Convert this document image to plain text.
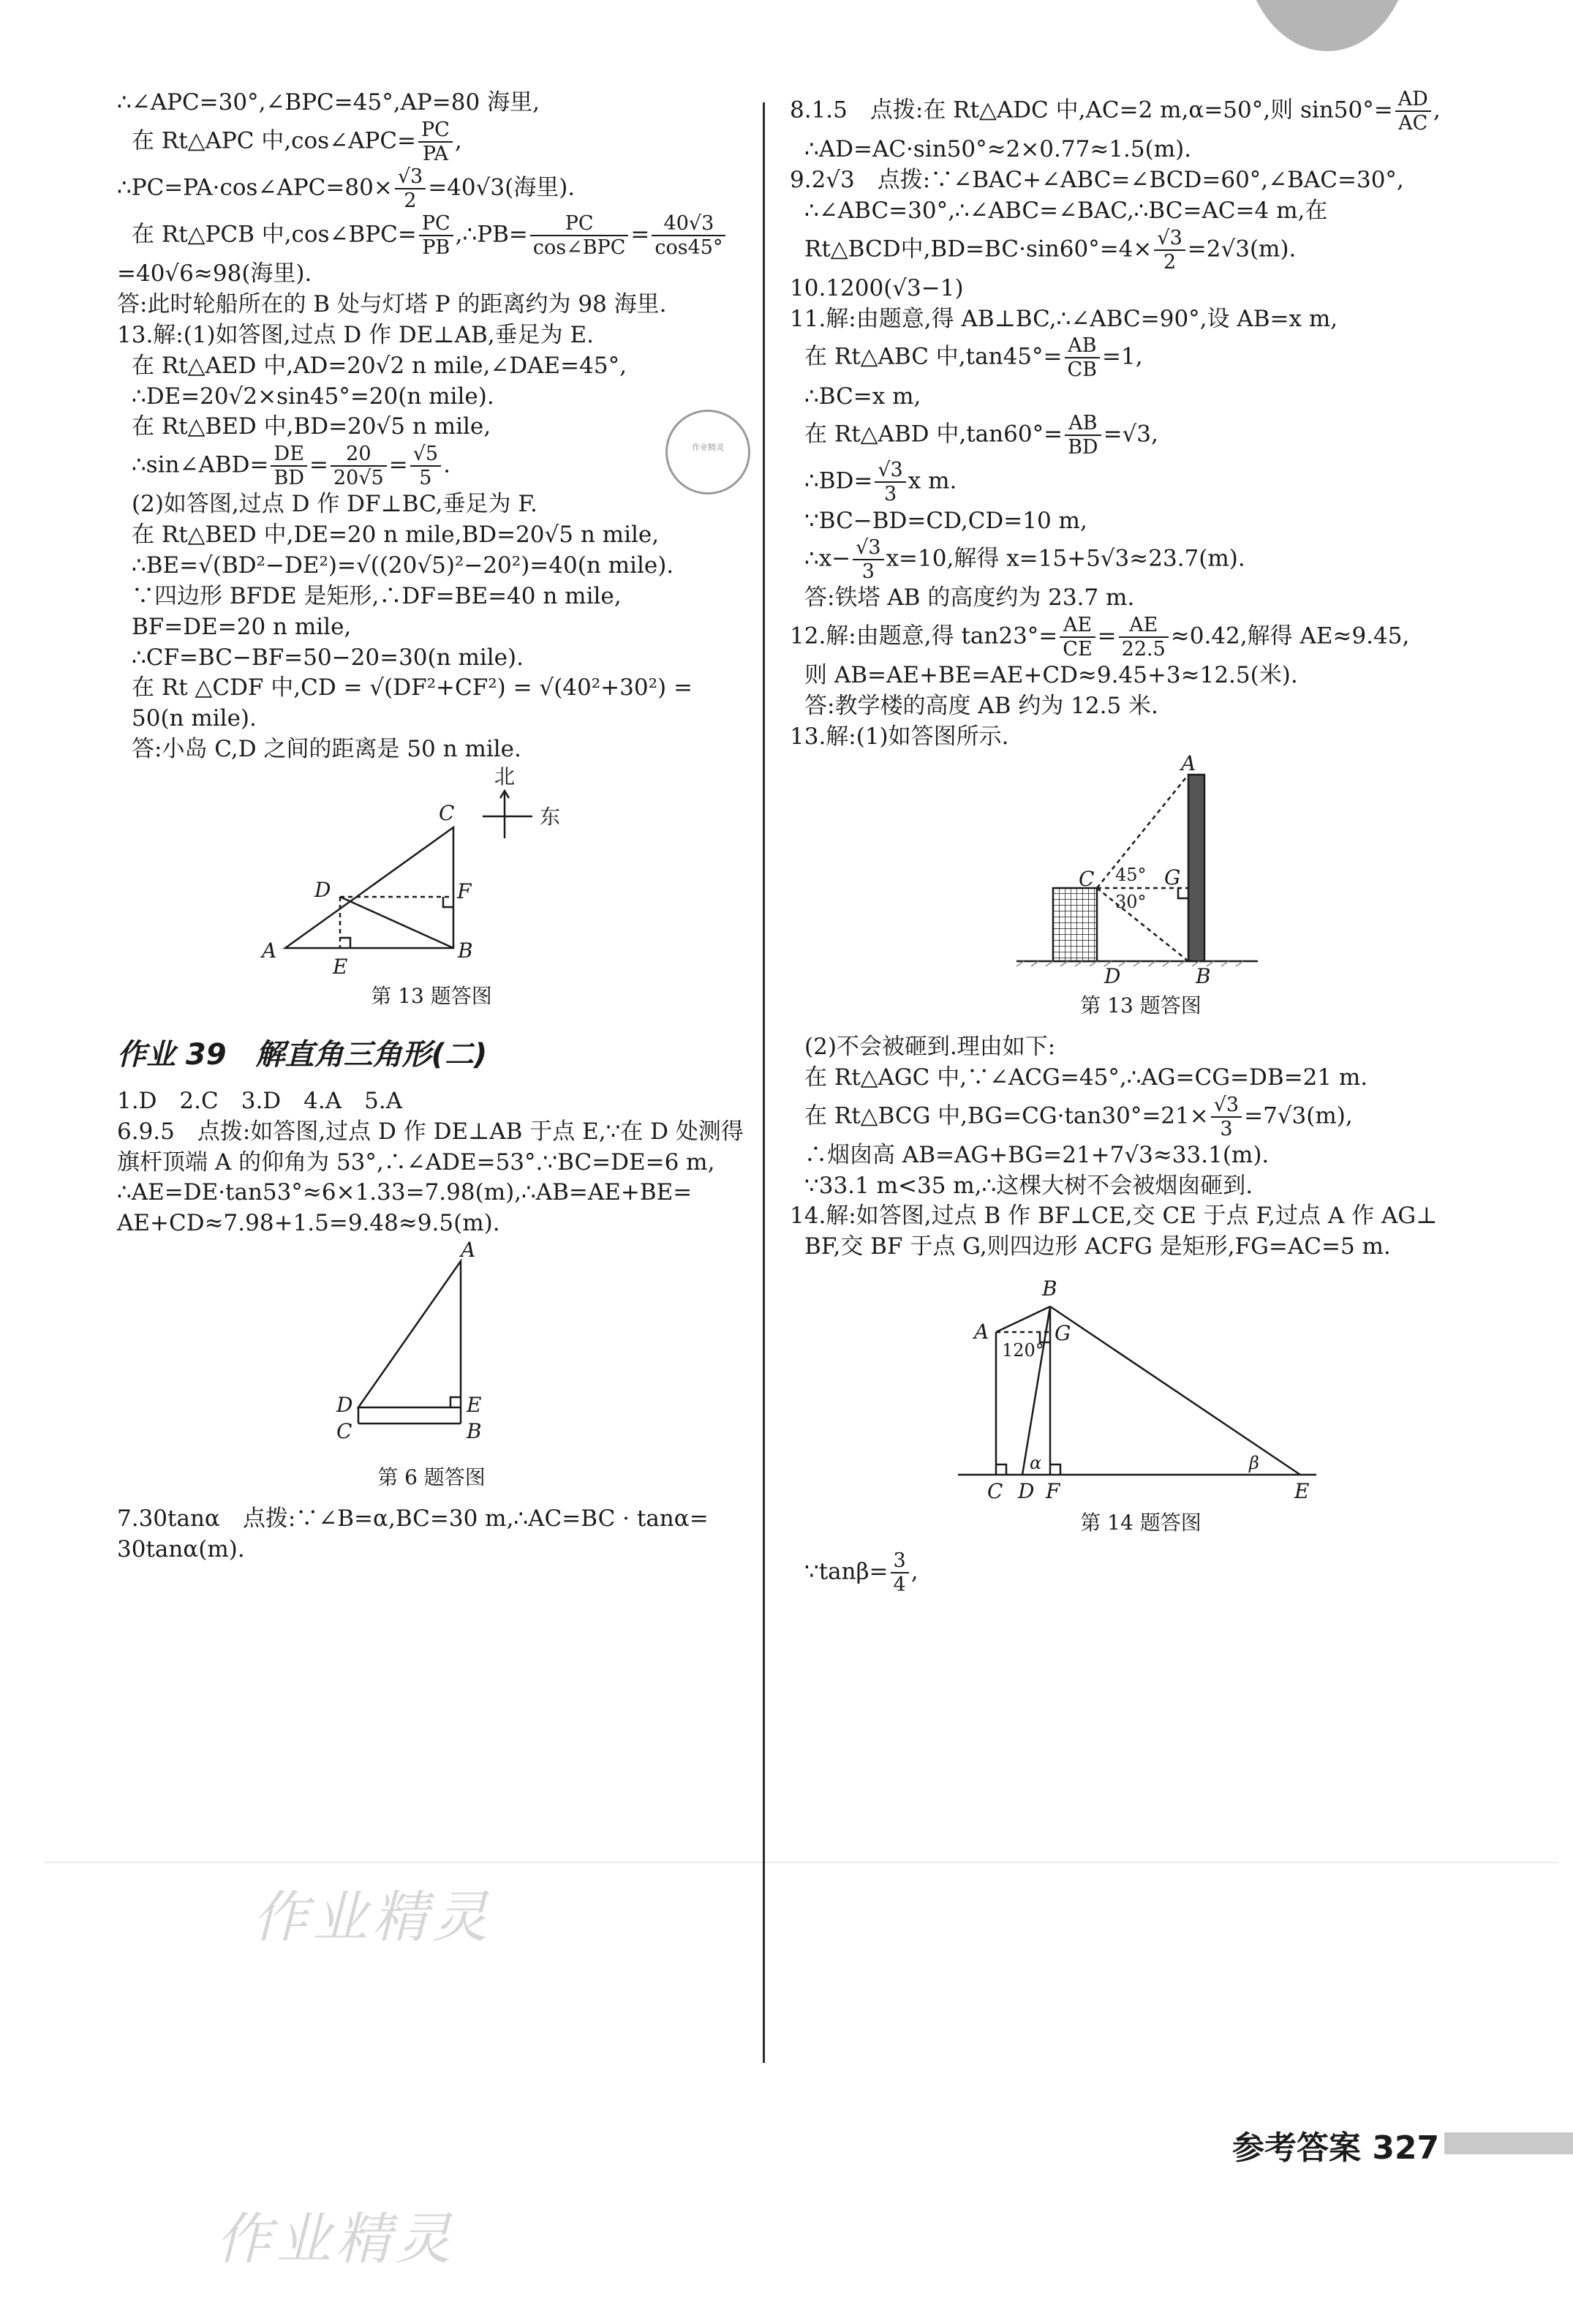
作业精灵
作业精灵
作业精灵

∴∠APC=30°,∠BPC=45°,AP=80 海里,

在 Rt△APC 中,cos∠APC= $\frac{PC}{PA}$ ,

∴PC=PA·cos∠APC=80× $\frac{√3}{2} =40√3$(海里).

在 Rt△PCB 中,cos∠BPC= $\frac{PC}{PB}$ ,∴PB= $\frac{PC}{\text{cos∠BPC}} = \frac{40√3}{\cos 45^\circ}$

=40√6≈98(海里).

答:此时轮船所在的 B 处与灯塔 P 的距离约为 98 海里.

13.解:(1)如答图,过点 D 作 DE⊥AB,垂足为 E.

在 Rt△AED 中,AD=20√2 n mile,∠DAE=45°,

∴DE=20√2×sin45°=20(n mile).

在 Rt△BED 中,BD=20√5 n mile,

∴sin∠ABD= $\frac{DE}{BD} = \frac{20}{20√5} = \frac{√5}{5}$ .

(2)如答图,过点 D 作 DF⊥BC,垂足为 F.

在 Rt△BED 中,DE=20 n mile,BD=20√5 n mile,

∴BE=√(BD²−DE²)=√((20√5)²−20²)=40(n mile).

∵四边形 BFDE 是矩形,∴DF=BE=40 n mile,

BF=DE=20 n mile,

∴CF=BC−BF=50−20=30(n mile).

在 Rt △CDF 中,CD = √(DF²+CF²) = √(40²+30²) =

50(n mile).

答:小岛 C,D 之间的距离是 50 n mile.

北
东
C
D	F
A
E
B

第 13 题答图

作业 39　解直角三角形(二)

1.D　2.C　3.D　4.A　5.A

6.9.5　点拨:如答图,过点 D 作 DE⊥AB 于点 E,∵在 D 处测得

旗杆顶端 A 的仰角为 53°,∴∠ADE=53°.∵BC=DE=6 m,

∴AE=DE·tan53°≈6×1.33=7.98(m),∴AB=AE+BE=

AE+CD≈7.98+1.5=9.48≈9.5(m).

A
D	E
C	B

第 6 题答图

7.30tanα　点拨:∵∠B=α,BC=30 m,∴AC=BC · tanα=

30tanα(m).

8.1.5　点拨:在 Rt△ADC 中,AC=2 m,α=50°,则 $\sin 50^\circ= \frac{AD}{AC}$ ,

∴AD=AC·sin50°≈2×0.77≈1.5(m).

9.2√3　点拨:∵∠BAC+∠ABC=∠BCD=60°,∠BAC=30°,

∴∠ABC=30°,∴∠ABC=∠BAC,∴BC=AC=4 m,在

Rt△BCD中$,BD=BC\cdot\sin 60^\circ=4\times \frac{√3}{2} =2√3(m)$.

10.1200(√3−1)

11.解:由题意,得 AB⊥BC,∴∠ABC=90°,设 AB=x m,

在 Rt△ABC 中$,\tan 45^\circ= \frac{AB}{CB} =1$,

∴BC=x m,

在 Rt△ABD 中$,\tan 60^\circ= \frac{AB}{BD} =√3$,

∴BD= $\frac{√3}{3}$ x m.

∵BC−BD=CD,CD=10 m,

∴x− $\frac{√3}{3} x=10$,解得 x=15+5√3≈23.7(m).

答:铁塔 AB 的高度约为 23.7 m.

12.解:由题意,得 $\tan 23^\circ= \frac{AE}{CE} = \frac{AE}{22.5} \approx 0.42$,解得 AE≈9.45,

则 AB=AE+BE=AE+CD≈9.45+3≈12.5(米).

答:教学楼的高度 AB 约为 12.5 米.

13.解:(1)如答图所示.

A
C	G
D	B
45°
30°

第 13 题答图

(2)不会被砸到.理由如下:

在 Rt△AGC 中,∵∠ACG=45°,∴AG=CG=DB=21 m.

在 Rt△BCG 中$,BG=CG\cdot\tan 30^\circ=21\times \frac{√3}{3} =7√3(m)$,

∴烟囱高 AB=AG+BG=21+7√3≈33.1(m).

∵33.1 m<35 m,∴这棵大树不会被烟囱砸到.

14.解:如答图,过点 B 作 BF⊥CE,交 CE 于点 F,过点 A 作 AG⊥

BF,交 BF 于点 G,则四边形 ACFG 是矩形,FG=AC=5 m.

B
A	G
C D F	E
120°
α	β

第 14 题答图

∵tanβ= $\frac{3}{4}$ ,

参考答案 327
